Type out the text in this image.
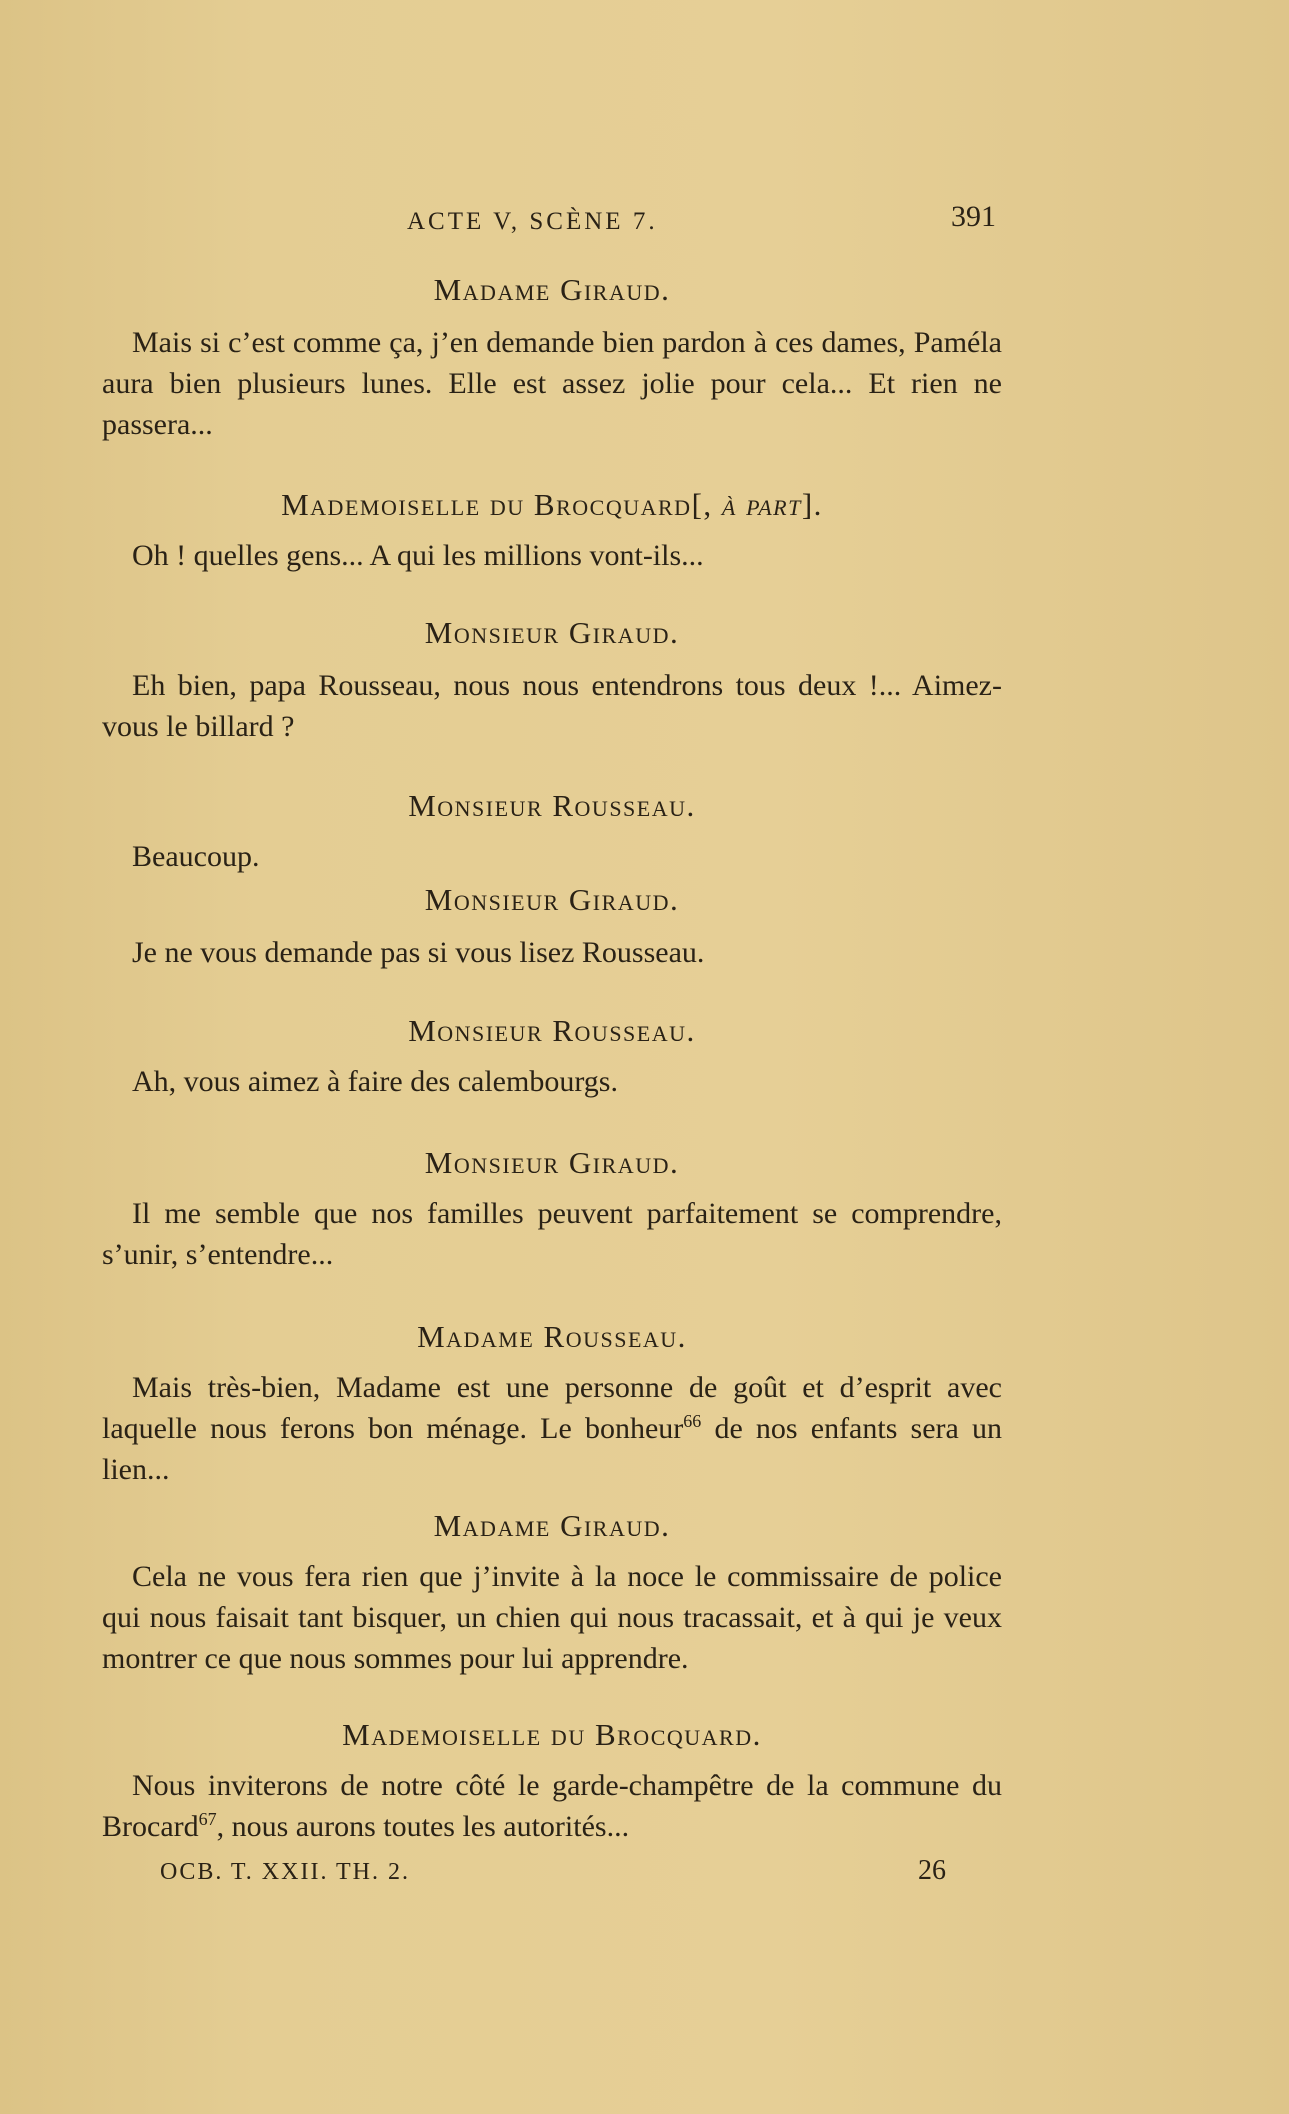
ACTE V, SCÈNE 7.	391

Madame Giraud.

Mais si c’est comme ça, j’en demande bien pardon à ces dames, Paméla aura bien plusieurs lunes. Elle est assez jolie pour cela... Et rien ne passera...

Mademoiselle du Brocquard[, à part].

Oh ! quelles gens... A qui les millions vont-ils...

Monsieur Giraud.

Eh bien, papa Rousseau, nous nous entendrons tous deux !... Aimez-vous le billard ?

Monsieur Rousseau.

Beaucoup.

Monsieur Giraud.

Je ne vous demande pas si vous lisez Rousseau.

Monsieur Rousseau.

Ah, vous aimez à faire des calembourgs.

Monsieur Giraud.

Il me semble que nos familles peuvent parfaitement se comprendre, s’unir, s’entendre...

Madame Rousseau.

Mais très-bien, Madame est une personne de goût et d’esprit avec laquelle nous ferons bon ménage. Le bonheur$^{66}$ de nos enfants sera un lien...

Madame Giraud.

Cela ne vous fera rien que j’invite à la noce le commissaire de police qui nous faisait tant bisquer, un chien qui nous tracassait, et à qui je veux montrer ce que nous sommes pour lui apprendre.

Mademoiselle du Brocquard.

Nous inviterons de notre côté le garde-champêtre de la commune du Brocard$^{67}$, nous aurons toutes les autorités...

OCB. T. XXII. TH. 2.	26
